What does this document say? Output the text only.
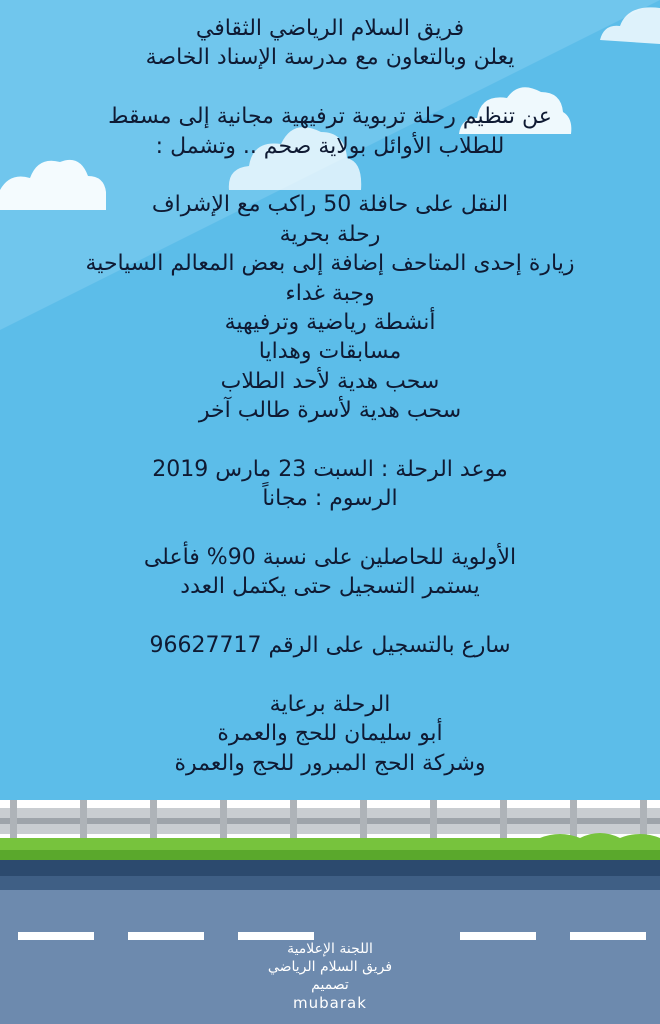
فريق السلام الرياضي الثقافي
يعلن وبالتعاون مع مدرسة الإسناد الخاصة
عن تنظيم رحلة تربوية ترفيهية مجانية إلى مسقط
للطلاب الأوائل بولاية صحم .. وتشمل :
النقل على حافلة 50 راكب مع الإشراف
رحلة بحرية
زيارة إحدى المتاحف إضافة إلى بعض المعالم السياحية
وجبة غداء
أنشطة رياضية وترفيهية
مسابقات وهدايا
سحب هدية لأحد الطلاب
سحب هدية لأسرة طالب آخر
موعد الرحلة : السبت 23 مارس 2019
الرسوم : مجاناً
الأولوية للحاصلين على نسبة 90% فأعلى
يستمر التسجيل حتى يكتمل العدد
سارع بالتسجيل على الرقم 96627717
الرحلة برعاية
أبو سليمان للحج والعمرة
وشركة الحج المبرور للحج والعمرة
اللجنة الإعلامية
فريق السلام الرياضي
تصميم
mubarak
